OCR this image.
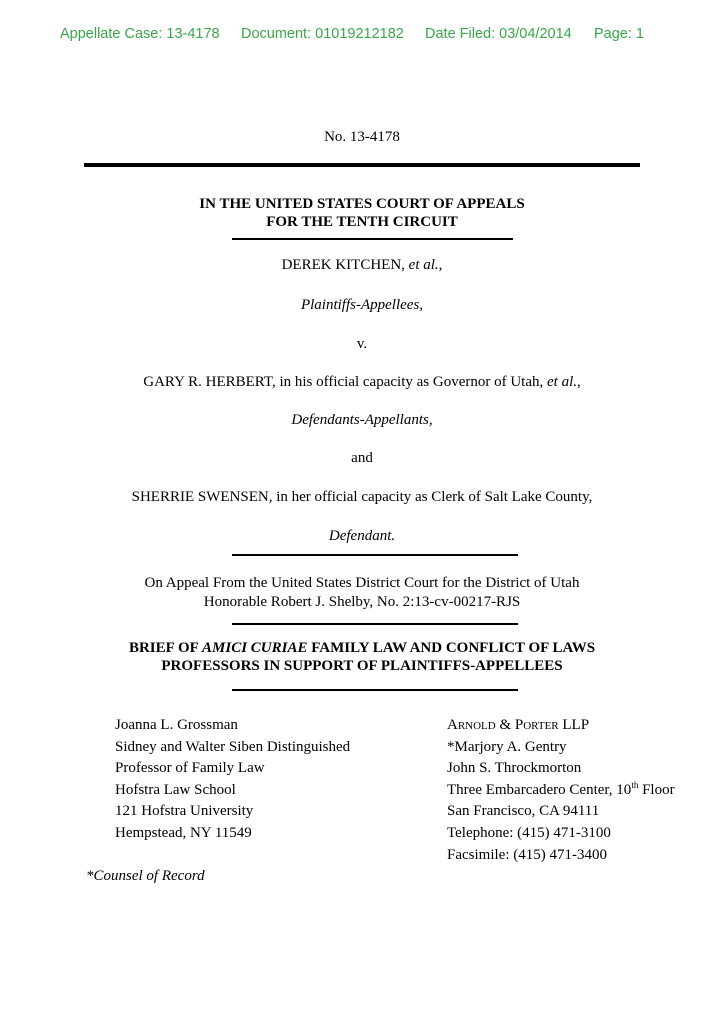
Appellate Case: 13-4178

Document: 01019212182

Date Filed: 03/04/2014

Page: 1

No. 13-4178
IN THE UNITED STATES COURT OF APPEALS
FOR THE TENTH CIRCUIT
DEREK KITCHEN, et al.,
Plaintiffs-Appellees,
v.
GARY R. HERBERT, in his official capacity as Governor of Utah, et al.,
Defendants-Appellants,
and
SHERRIE SWENSEN, in her official capacity as Clerk of Salt Lake County,
Defendant.
On Appeal From the United States District Court for the District of Utah
Honorable Robert J. Shelby, No. 2:13-cv-00217-RJS
BRIEF OF AMICI CURIAE FAMILY LAW AND CONFLICT OF LAWS
PROFESSORS IN SUPPORT OF PLAINTIFFS-APPELLEES
Joanna L. Grossman
Sidney and Walter Siben Distinguished
Professor of Family Law
Hofstra Law School
121 Hofstra University
Hempstead, NY 11549
Arnold & Porter LLP
*Marjory A. Gentry
John S. Throckmorton
Three Embarcadero Center, 10th Floor
San Francisco, CA 94111
Telephone: (415) 471-3100
Facsimile: (415) 471-3400
*Counsel of Record
